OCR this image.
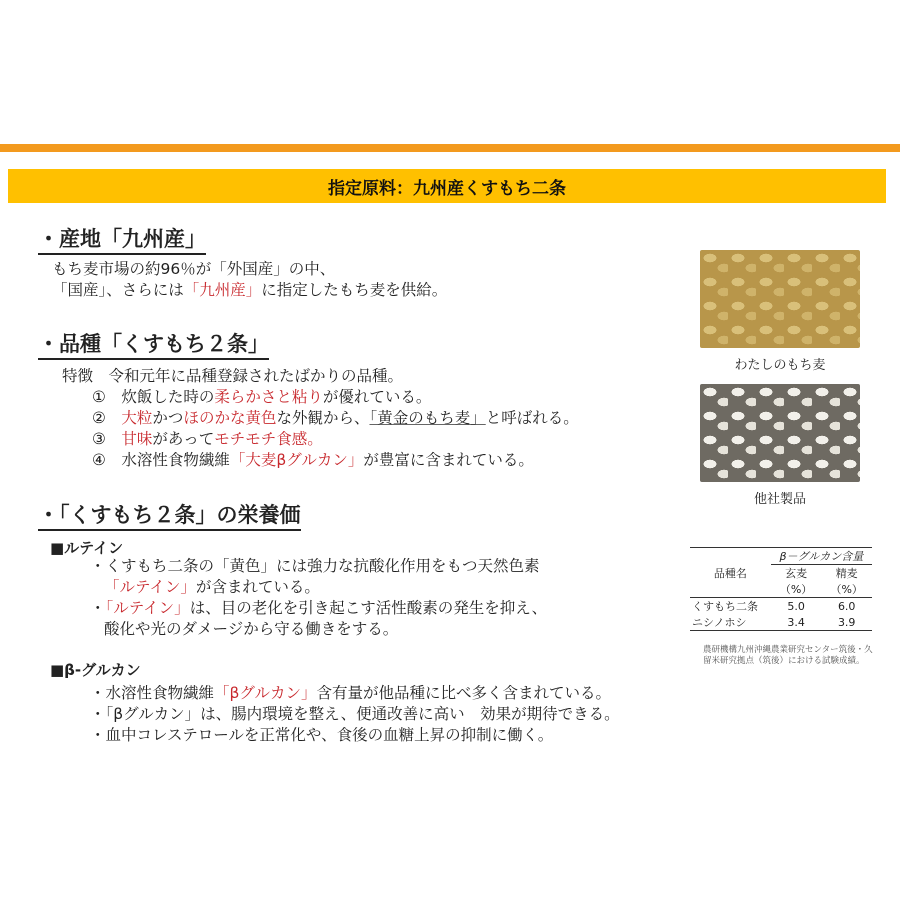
指定原料：九州産くすもち二条
・産地「九州産」
もち麦市場の約96％が「外国産」の中、
「国産」、さらには「九州産」に指定したもち麦を供給。
・品種「くすもち２条」
特徴　令和元年に品種登録されたばかりの品種。
①　炊飯した時の柔らかさと粘りが優れている。
②　大粒かつほのかな黄色な外観から、「黄金のもち麦」と呼ばれる。
③　甘味があってモチモチ食感。
④　水溶性食物繊維「大麦βグルカン」が豊富に含まれている。
・「くすもち２条」の栄養価
■ルテイン
・くすもち二条の「黄色」には強力な抗酸化作用をもつ天然色素
「ルテイン」が含まれている。
・「ルテイン」は、目の老化を引き起こす活性酸素の発生を抑え、
酸化や光のダメージから守る働きをする。
■β-グルカン
・水溶性食物繊維「βグルカン」含有量が他品種に比べ多く含まれている。
・「βグルカン」は、腸内環境を整え、便通改善に高い　効果が期待できる。
・血中コレステロールを正常化や、食後の血糖上昇の抑制に働く。
わたしのもち麦
他社製品
品種名	β－グルカン含量	
	玄麦	精麦
	（%）	（%）
くすもち二条	5.0	6.0
ニシノホシ	3.4	3.9
農研機構九州沖縄農業研究センター筑後・久留米研究拠点（筑後）における試験成績。
